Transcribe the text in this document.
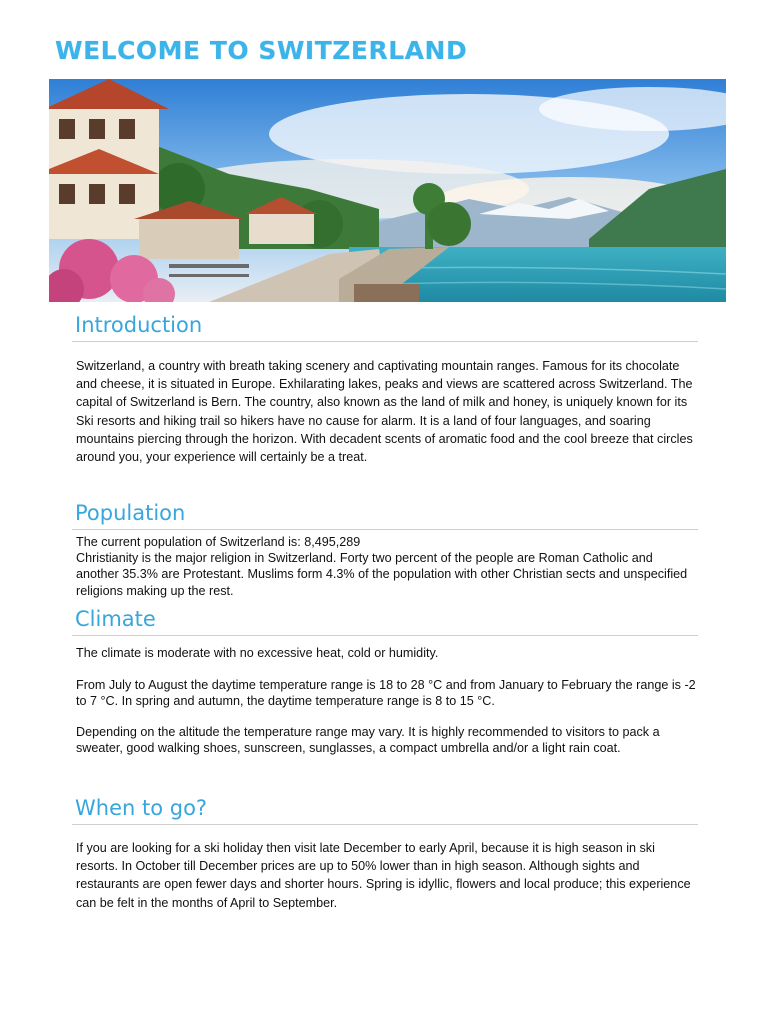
WELCOME TO SWITZERLAND
Introduction

Switzerland, a country with breath taking scenery and captivating mountain ranges. Famous for its chocolate and cheese, it is situated in Europe. Exhilarating lakes, peaks and views are scattered across Switzerland. The capital of Switzerland is Bern. The country, also known as the land of milk and honey, is uniquely known for its Ski resorts and hiking trail so hikers have no cause for alarm. It is a land of four languages, and soaring mountains piercing through the horizon. With decadent scents of aromatic food and the cool breeze that circles around you, your experience will certainly be a treat.

Population

The current population of Switzerland is: 8,495,289

Christianity is the major religion in Switzerland. Forty two percent of the people are Roman Catholic and another 35.3% are Protestant. Muslims form 4.3% of the population with other Christian sects and unspecified religions making up the rest.

Climate

The climate is moderate with no excessive heat, cold or humidity.

From July to August the daytime temperature range is 18 to 28 °C and from January to February the range is -2 to 7 °C. In spring and autumn, the daytime temperature range is 8 to 15 °C.

Depending on the altitude the temperature range may vary. It is highly recommended to visitors to pack a sweater, good walking shoes, sunscreen, sunglasses, a compact umbrella and/or a light rain coat.

When to go?

If you are looking for a ski holiday then visit late December to early April, because it is high season in ski resorts. In October till December prices are up to 50% lower than in high season. Although sights and restaurants are open fewer days and shorter hours. Spring is idyllic, flowers and local produce; this experience can be felt in the months of April to September.
